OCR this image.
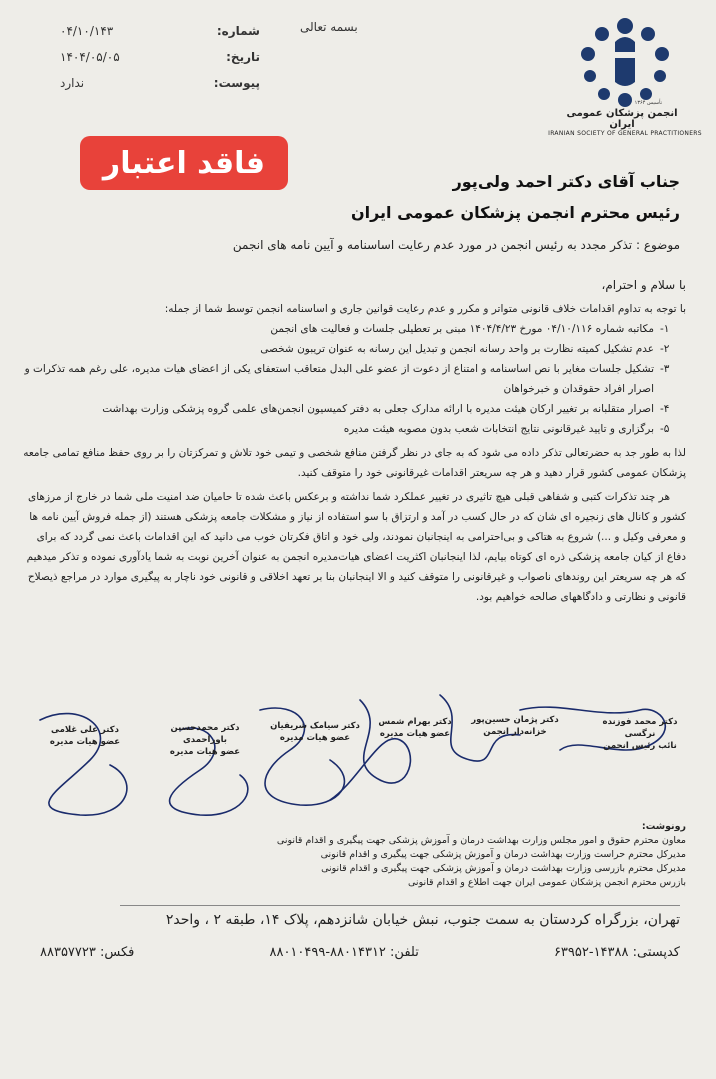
بسمه تعالی
شماره:
۰۴/۱۰/۱۴۳
تاریخ:
۱۴۰۴/۰۵/۰۵
پیوست:
ندارد
تأسیس ۱۳۶۴
انجمن پزشکان عمومی ایران
IRANIAN SOCIETY OF GENERAL PRACTITIONERS
فاقد اعتبار
جناب آقای دکتر احمد ولی‌پور
رئیس محترم انجمن پزشکان عمومی ایران
موضوع : تذکر مجدد به رئیس انجمن در مورد عدم رعایت اساسنامه و آیین نامه های انجمن

با سلام و احترام،

با توجه به تداوم اقدامات خلاف قانونی متواتر و مکرر و عدم رعایت قوانین جاری و اساسنامه انجمن توسط شما از جمله:

۱-
مکاتبه شماره ۰۴/۱۰/۱۱۶ مورخ ۱۴۰۴/۴/۲۳ مبنی بر تعطیلی جلسات و فعالیت های انجمن
۲-
عدم تشکیل کمیته نظارت بر واحد رسانه انجمن و تبدیل این رسانه به عنوان تریبون شخصی
۳-
تشکیل جلسات مغایر با نص اساسنامه و امتناع از دعوت از عضو علی البدل متعاقب استعفای یکی از اعضای هیات مدیره، علی رغم همه تذکرات و اصرار افراد حقوقدان و خبرخواهان
۴-
اصرار متقلبانه بر تغییر ارکان هیئت مدیره با ارائه مدارک جعلی به دفتر کمیسیون انجمن‌های علمی گروه پزشکی وزارت بهداشت
۵-
برگزاری و تایید غیرقانونی نتایج انتخابات شعب بدون مصوبه هیئت مدیره

لذا به طور جد به حضرتعالی تذکر داده می شود که به جای در نظر گرفتن منافع شخصی و تیمی خود تلاش و تمرکزتان را بر روی حفظ منافع تمامی جامعه پزشکان عمومی کشور قرار دهید و هر چه سریعتر اقدامات غیرقانونی خود را متوقف کنید.

هر چند تذکرات کتبی و شفاهی قبلی هیچ تاثیری در تغییر عملکرد شما نداشته و برعکس باعث شده تا حامیان ضد امنیت ملی شما در خارج از مرزهای کشور و کانال های زنجیره ای شان که در حال کسب در آمد و ارتزاق با سو استفاده از نیاز و مشکلات جامعه پزشکی هستند (از جمله فروش آیین نامه ها و معرفی وکیل و ...) شروع به هتاکی و بی‌احترامی به اینجانبان نمودند، ولی خود و اتاق فکرتان خوب می دانید که این اقدامات باعث نمی گردد که برای دفاع از کیان جامعه پزشکی ذره ای کوتاه بیایم، لذا اینجانبان اکثریت اعضای هیات‌مدیره انجمن به عنوان آخرین نوبت به شما یادآوری نموده و تذکر میدهیم که هر چه سریعتر این روندهای ناصواب و غیرقانونی را متوقف کنید و الا اینجانبان بنا بر تعهد اخلاقی و قانونی خود ناچار به پیگیری موارد در مراجع ذیصلاح قانونی و نظارتی و دادگاههای صالحه خواهیم بود.

دکتر محمد فوزنده نرگسی
نائب رئیس انجمن
دکتر پژمان حسین‌پور
خزانه‌دار انجمن
دکتر بهرام شمس
عضو هیات مدیره
دکتر سیامک شریفیان
عضو هیات مدیره
دکتر محمدحسین باور‌احمدی
عضو هیات مدیره
دکتر علی غلامی
عضو هیات مدیره
رونوشت:
معاون محترم حقوق و امور مجلس وزارت بهداشت درمان و آموزش پزشکی جهت پیگیری و اقدام قانونی
مدیرکل محترم حراست وزارت بهداشت درمان و آموزش پزشکی جهت پیگیری و اقدام قانونی
مدیرکل محترم بازرسی وزارت بهداشت درمان و آموزش پزشکی جهت پیگیری و اقدام قانونی
بازرس محترم انجمن پزشکان عمومی ایران جهت اطلاع و اقدام قانونی
تهران، بزرگراه کردستان به سمت جنوب، نبش خیابان شانزدهم، پلاک ۱۴، طبقه ۲ ، واحد۲
کدپستی: ۱۴۳۸۸-۶۳۹۵۲
تلفن: ۸۸۰۱۴۳۱۲-۸۸۰۱۰۴۹۹
فکس: ۸۸۳۵۷۷۲۳
